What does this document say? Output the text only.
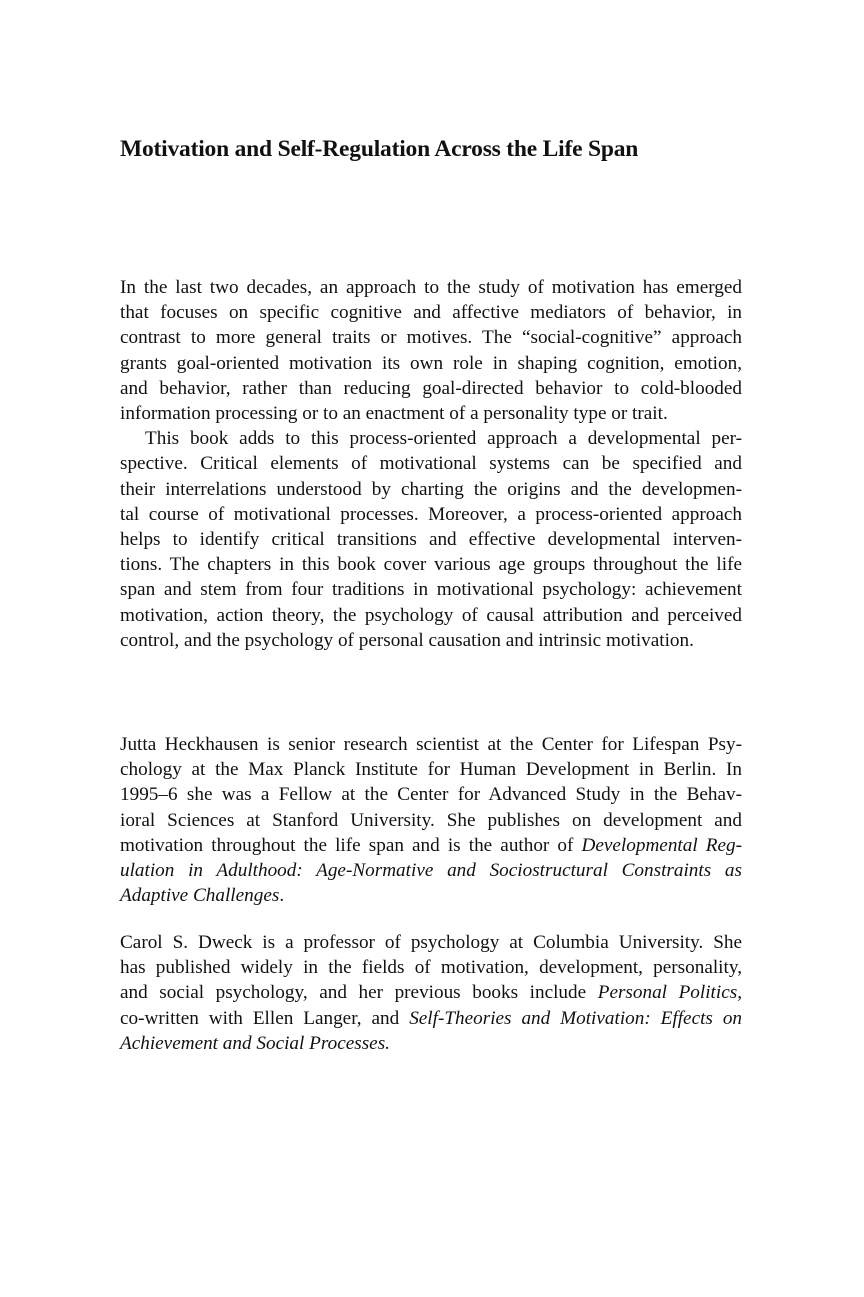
Motivation and Self-Regulation Across the Life Span
In the last two decades, an approach to the study of motivation has emerged
that focuses on specific cognitive and affective mediators of behavior, in
contrast to more general traits or motives. The “social-cognitive” approach
grants goal-oriented motivation its own role in shaping cognition, emotion,
and behavior, rather than reducing goal-directed behavior to cold-blooded
information processing or to an enactment of a personality type or trait.
This book adds to this process-oriented approach a developmental per-
spective. Critical elements of motivational systems can be specified and
their interrelations understood by charting the origins and the developmen-
tal course of motivational processes. Moreover, a process-oriented approach
helps to identify critical transitions and effective developmental interven-
tions. The chapters in this book cover various age groups throughout the life
span and stem from four traditions in motivational psychology: achievement
motivation, action theory, the psychology of causal attribution and perceived
control, and the psychology of personal causation and intrinsic motivation.
Jutta Heckhausen is senior research scientist at the Center for Lifespan Psy-
chology at the Max Planck Institute for Human Development in Berlin. In
1995–6 she was a Fellow at the Center for Advanced Study in the Behav-
ioral Sciences at Stanford University. She publishes on development and
motivation throughout the life span and is the author of Developmental Reg-
ulation in Adulthood: Age-Normative and Sociostructural Constraints as
Adaptive Challenges.
Carol S. Dweck is a professor of psychology at Columbia University. She
has published widely in the fields of motivation, development, personality,
and social psychology, and her previous books include Personal Politics,
co-written with Ellen Langer, and Self-Theories and Motivation: Effects on
Achievement and Social Processes.
